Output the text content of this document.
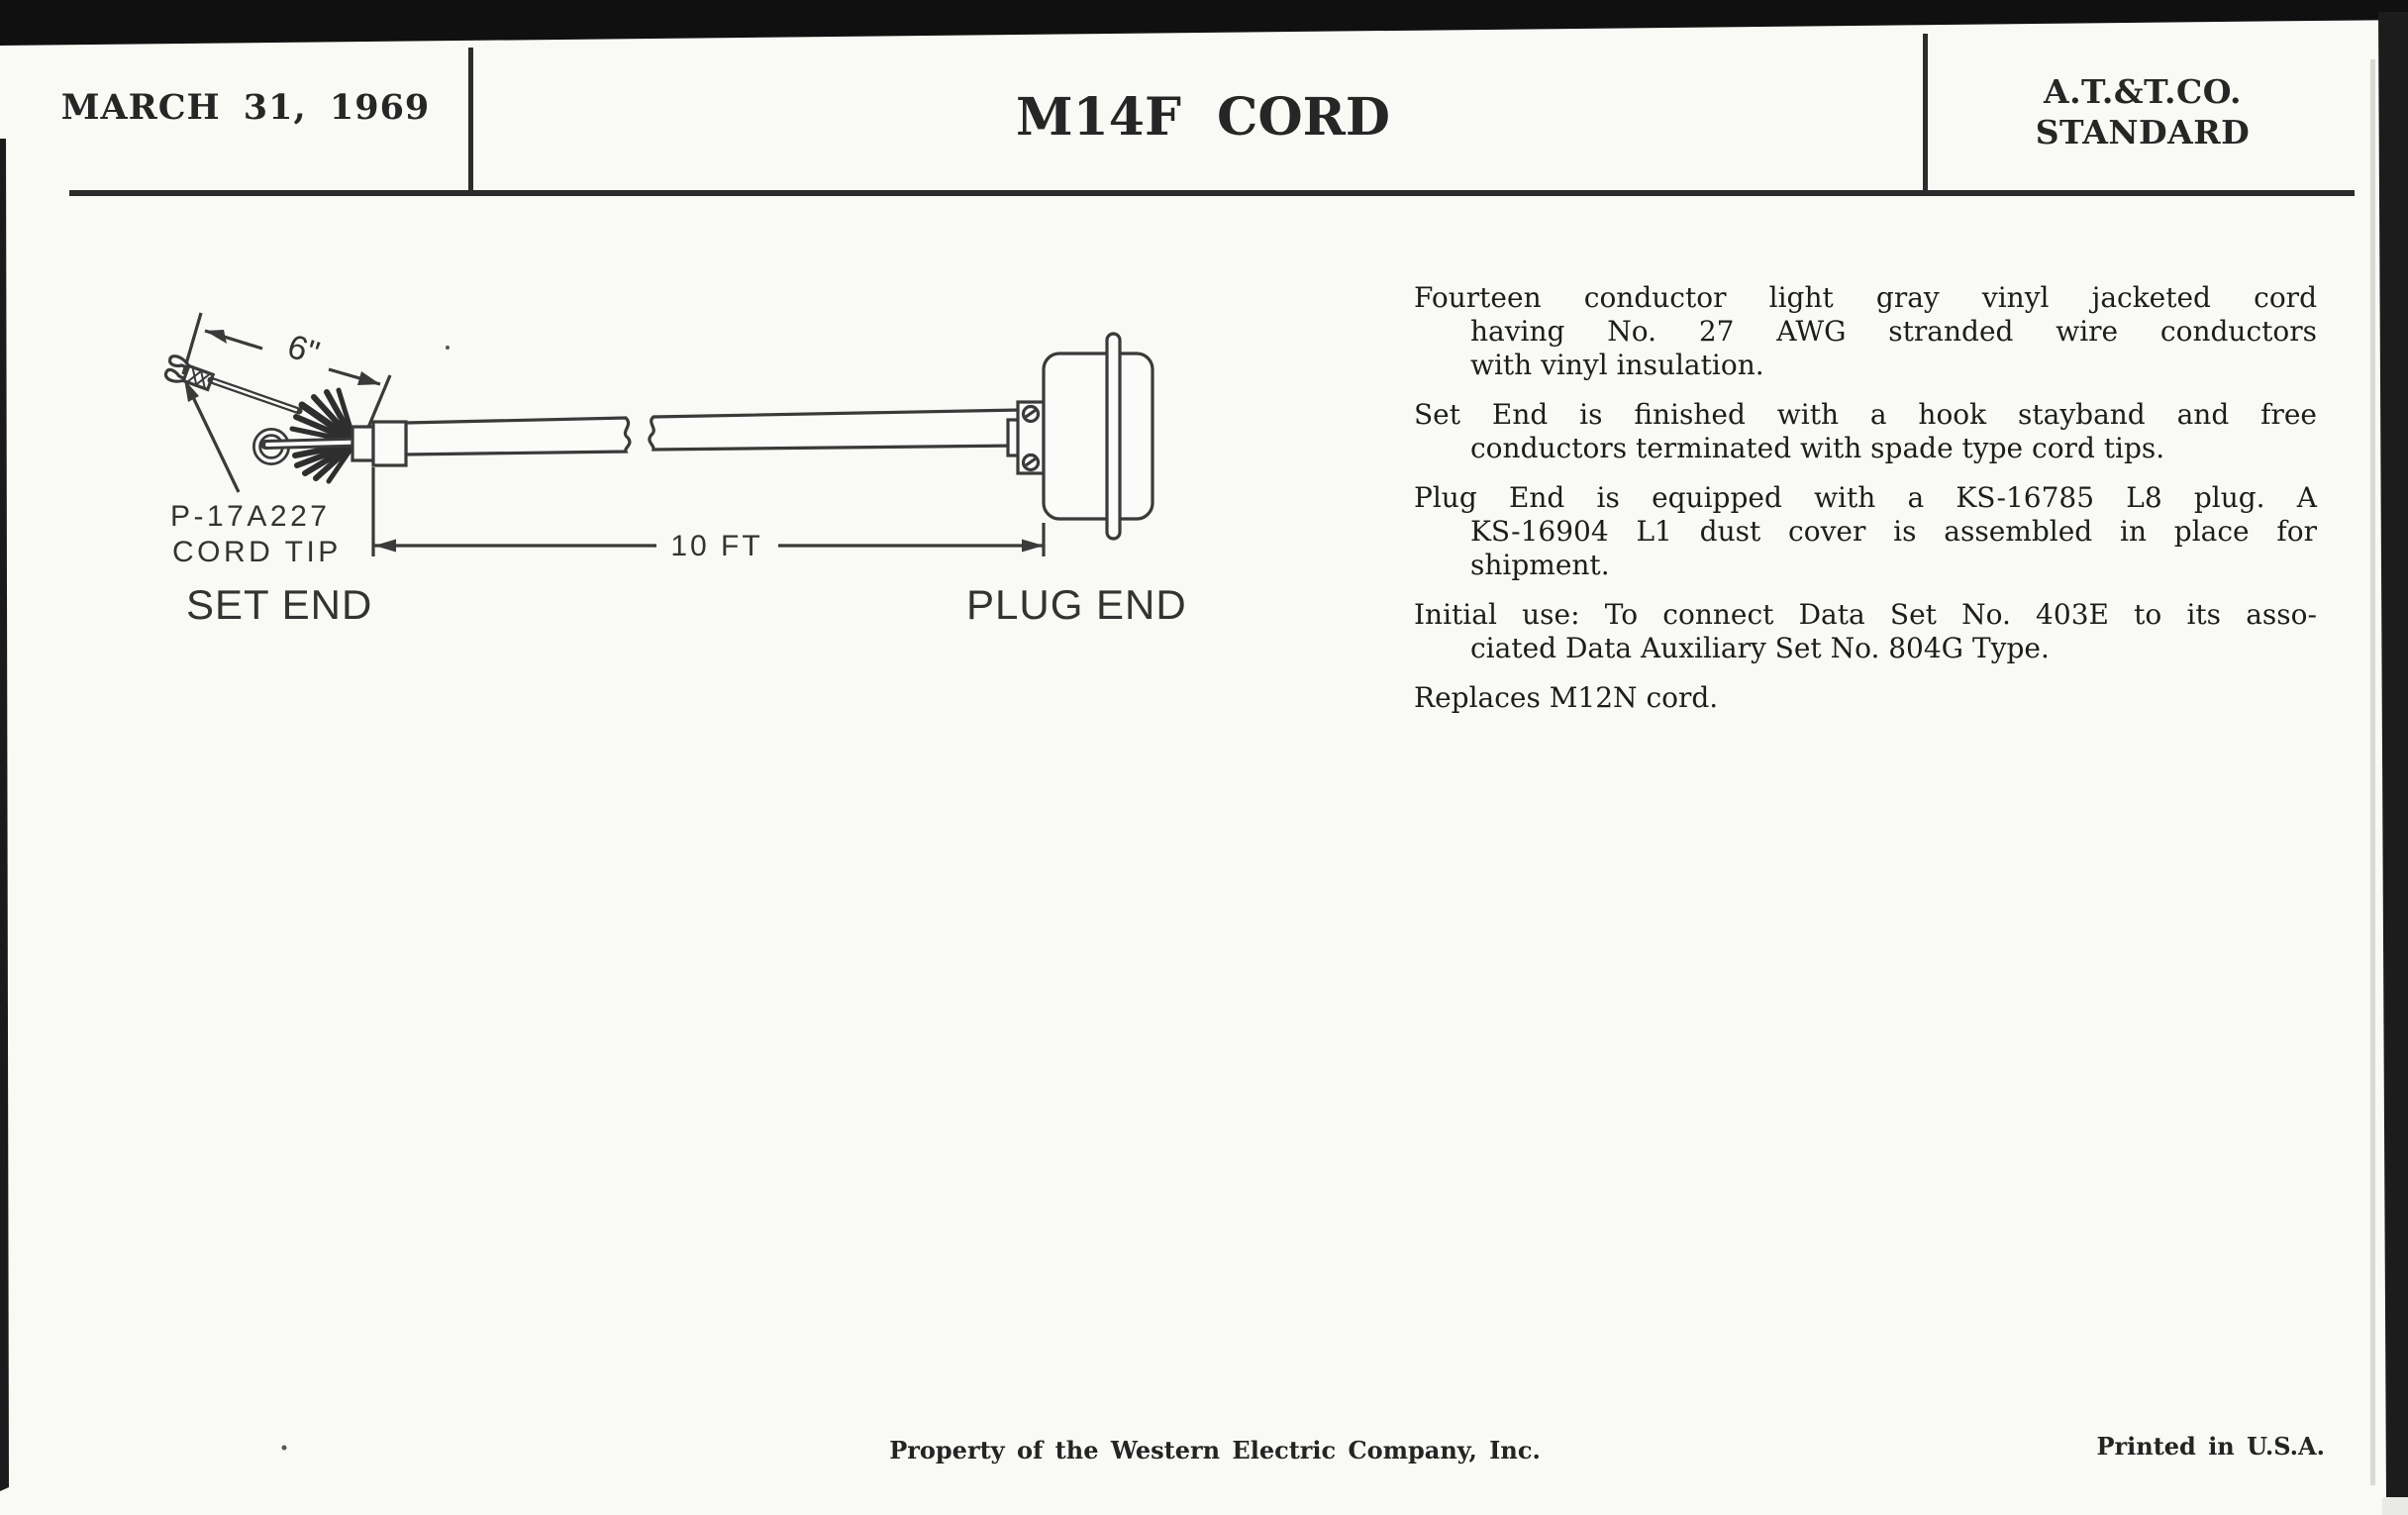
MARCH 31, 1969	M14F CORD	A.T.&T.CO.
STANDARD
6"
10 FT
P-17A227
CORD TIP
SET END	PLUG END
Fourteen conductor light gray vinyl jacketed cord
having No. 27 AWG stranded wire conductors
with vinyl insulation.
Set End is finished with a hook stayband and free
conductors terminated with spade type cord tips.
Plug End is equipped with a KS-16785 L8 plug. A
KS-16904 L1 dust cover is assembled in place for
shipment.
Initial use: To connect Data Set No. 403E to its asso-
ciated Data Auxiliary Set No. 804G Type.
Replaces M12N cord.
Property of the Western Electric Company, Inc.	Printed in U.S.A.
